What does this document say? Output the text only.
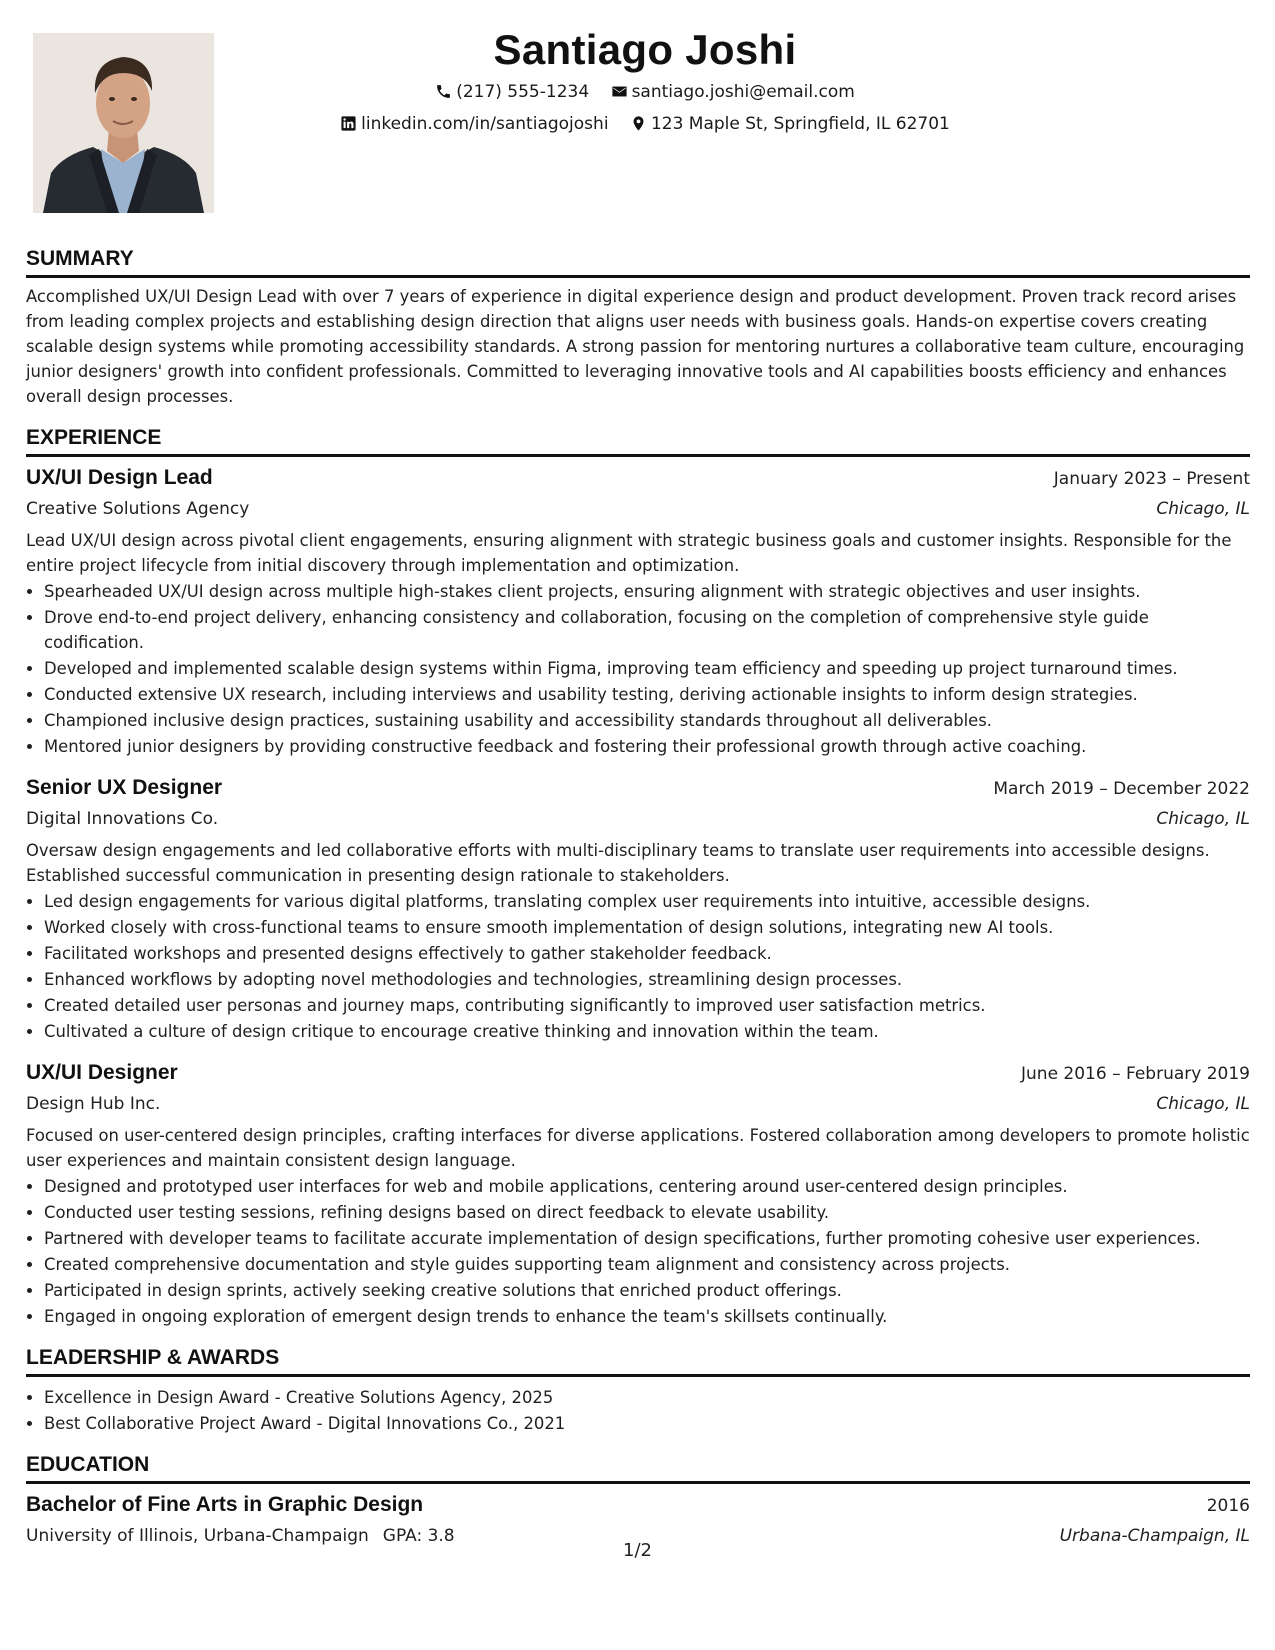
Santiago Joshi
(217) 555-1234 santiago.joshi@email.com
linkedin.com/in/santiagojoshi 123 Maple St, Springfield, IL 62701
SUMMARY
Accomplished UX/UI Design Lead with over 7 years of experience in digital experience design and product development. Proven track record arises from leading complex projects and establishing design direction that aligns user needs with business goals. Hands-on expertise covers creating scalable design systems while promoting accessibility standards. A strong passion for mentoring nurtures a collaborative team culture, encouraging junior designers' growth into confident professionals. Committed to leveraging innovative tools and AI capabilities boosts efficiency and enhances overall design processes.
EXPERIENCE
UX/UI Design Lead	January 2023 – Present
Creative Solutions Agency	Chicago, IL
Lead UX/UI design across pivotal client engagements, ensuring alignment with strategic business goals and customer insights. Responsible for the entire project lifecycle from initial discovery through implementation and optimization.
• Spearheaded UX/UI design across multiple high-stakes client projects, ensuring alignment with strategic objectives and user insights.
• Drove end-to-end project delivery, enhancing consistency and collaboration, focusing on the completion of comprehensive style guide codification.
• Developed and implemented scalable design systems within Figma, improving team efficiency and speeding up project turnaround times.
• Conducted extensive UX research, including interviews and usability testing, deriving actionable insights to inform design strategies.
• Championed inclusive design practices, sustaining usability and accessibility standards throughout all deliverables.
• Mentored junior designers by providing constructive feedback and fostering their professional growth through active coaching.
Senior UX Designer	March 2019 – December 2022
Digital Innovations Co.	Chicago, IL
Oversaw design engagements and led collaborative efforts with multi-disciplinary teams to translate user requirements into accessible designs. Established successful communication in presenting design rationale to stakeholders.
• Led design engagements for various digital platforms, translating complex user requirements into intuitive, accessible designs.
• Worked closely with cross-functional teams to ensure smooth implementation of design solutions, integrating new AI tools.
• Facilitated workshops and presented designs effectively to gather stakeholder feedback.
• Enhanced workflows by adopting novel methodologies and technologies, streamlining design processes.
• Created detailed user personas and journey maps, contributing significantly to improved user satisfaction metrics.
• Cultivated a culture of design critique to encourage creative thinking and innovation within the team.
UX/UI Designer	June 2016 – February 2019
Design Hub Inc.	Chicago, IL
Focused on user-centered design principles, crafting interfaces for diverse applications. Fostered collaboration among developers to promote holistic user experiences and maintain consistent design language.
• Designed and prototyped user interfaces for web and mobile applications, centering around user-centered design principles.
• Conducted user testing sessions, refining designs based on direct feedback to elevate usability.
• Partnered with developer teams to facilitate accurate implementation of design specifications, further promoting cohesive user experiences.
• Created comprehensive documentation and style guides supporting team alignment and consistency across projects.
• Participated in design sprints, actively seeking creative solutions that enriched product offerings.
• Engaged in ongoing exploration of emergent design trends to enhance the team's skillsets continually.
LEADERSHIP & AWARDS
• Excellence in Design Award - Creative Solutions Agency, 2025
• Best Collaborative Project Award - Digital Innovations Co., 2021
EDUCATION
Bachelor of Fine Arts in Graphic Design	2016
University of Illinois, Urbana-Champaign GPA: 3.8	Urbana-Champaign, IL
1/2
